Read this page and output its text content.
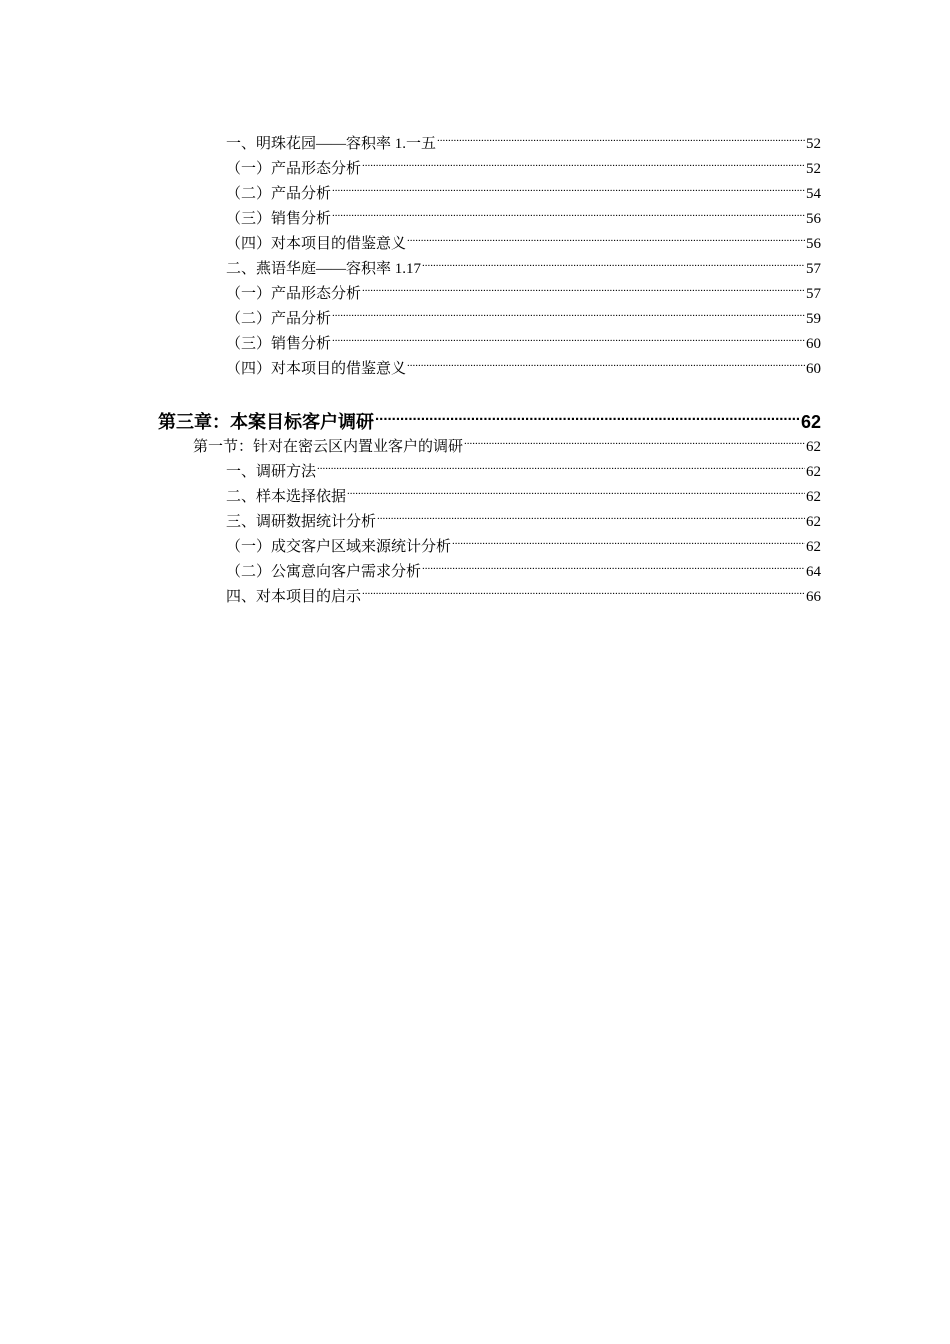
一、明珠花园——容积率 1.一五 .....	52
（一）产品形态分析 .....	52
（二）产品分析 .....	54
（三）销售分析 .....	56
（四）对本项目的借鉴意义 .....	56
二、燕语华庭——容积率 1.17 .....	57
（一）产品形态分析 .....	57
（二）产品分析 .....	59
（三）销售分析 .....	60
（四）对本项目的借鉴意义 .....	60
第三章：本案目标客户调研 .....	62
第一节：针对在密云区内置业客户的调研 .....	62
一、调研方法 .....	62
二、样本选择依据 .....	62
三、调研数据统计分析 .....	62
（一）成交客户区域来源统计分析 .....	62
（二）公寓意向客户需求分析 .....	64
四、对本项目的启示 .....	66
